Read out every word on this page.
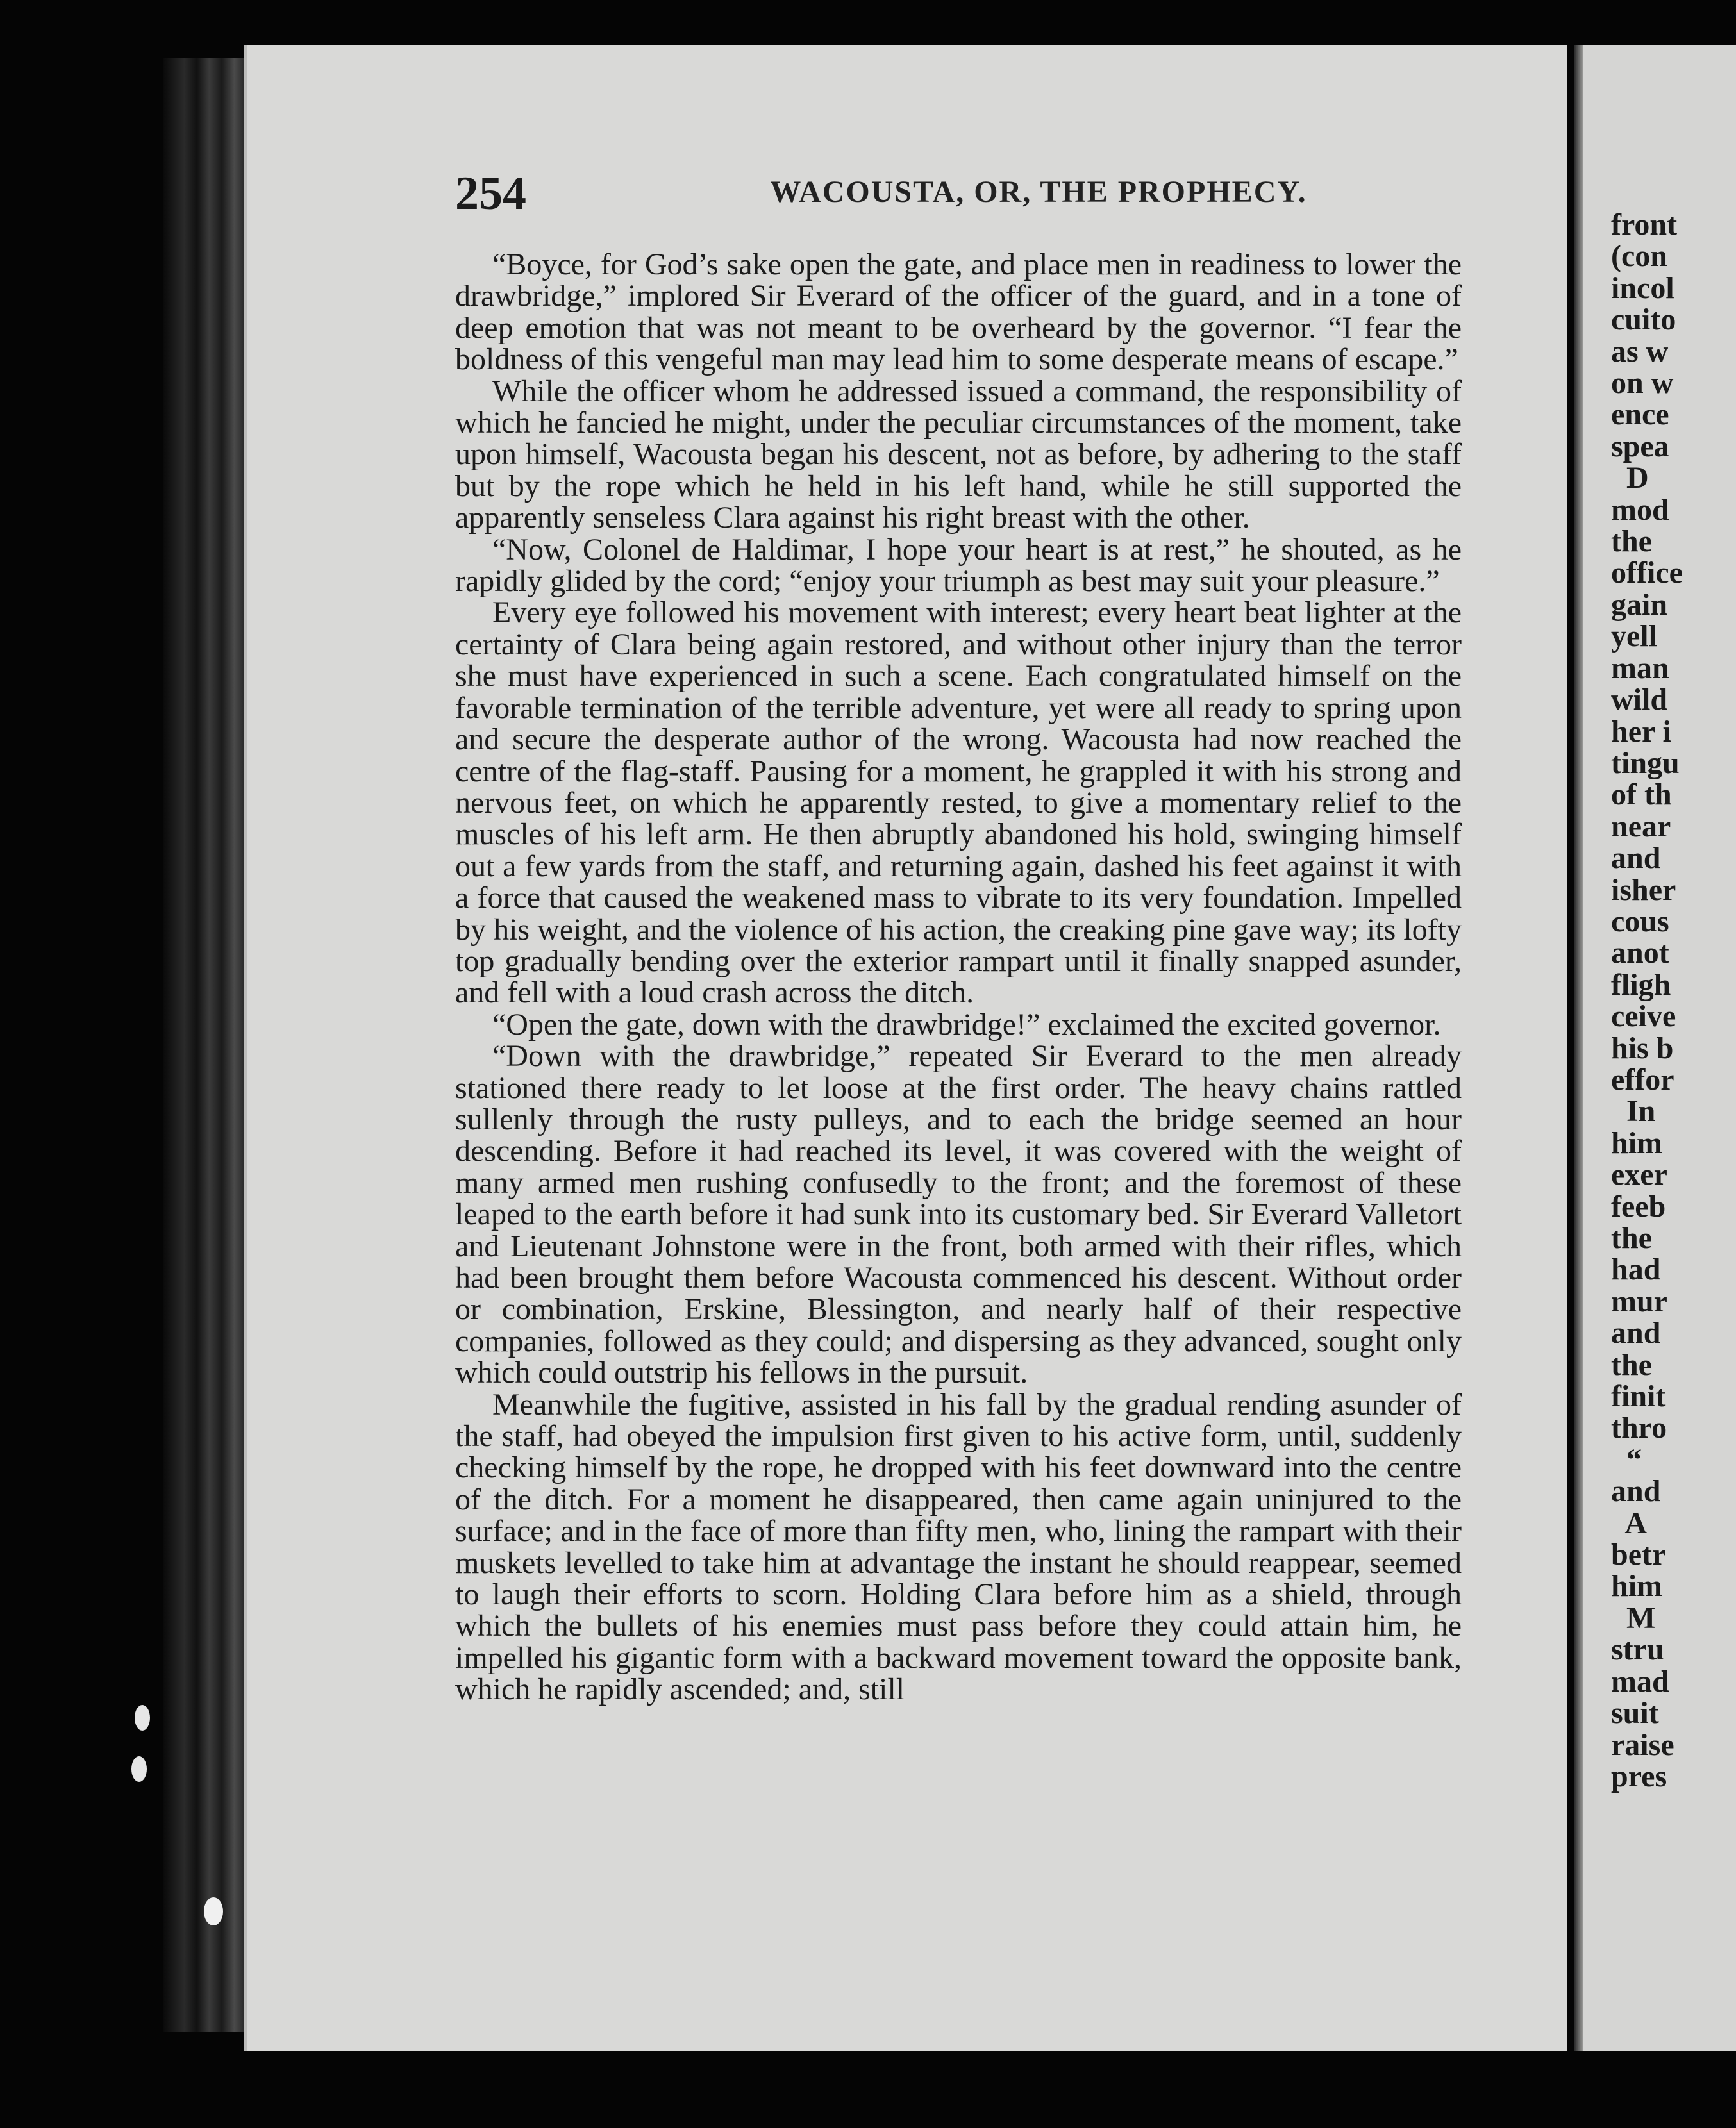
254	WACOUSTA, OR, THE PROPHECY.

“Boyce, for God’s sake open the gate, and place men in readiness to lower the drawbridge,” implored Sir Everard of the officer of the guard, and in a tone of deep emotion that was not meant to be overheard by the governor. “I fear the boldness of this vengeful man may lead him to some desperate means of escape.”

While the officer whom he addressed issued a command, the responsibility of which he fancied he might, under the peculiar circumstances of the moment, take upon himself, Wacousta began his descent, not as before, by adhering to the staff but by the rope which he held in his left hand, while he still supported the apparently senseless Clara against his right breast with the other.

“Now, Colonel de Haldimar, I hope your heart is at rest,” he shouted, as he rapidly glided by the cord; “enjoy your triumph as best may suit your pleasure.”

Every eye followed his movement with interest; every heart beat lighter at the certainty of Clara being again restored, and without other injury than the terror she must have experienced in such a scene. Each congratulated himself on the favorable termination of the terrible adventure, yet were all ready to spring upon and secure the desperate author of the wrong. Wacousta had now reached the centre of the flag-staff. Pausing for a moment, he grappled it with his strong and nervous feet, on which he apparently rested, to give a momentary relief to the muscles of his left arm. He then abruptly abandoned his hold, swinging himself out a few yards from the staff, and returning again, dashed his feet against it with a force that caused the weakened mass to vibrate to its very foundation. Impelled by his weight, and the violence of his action, the creaking pine gave way; its lofty top gradually bending over the exterior rampart until it finally snapped asunder, and fell with a loud crash across the ditch.

“Open the gate, down with the drawbridge!” exclaimed the excited governor.

“Down with the drawbridge,” repeated Sir Everard to the men already stationed there ready to let loose at the first order. The heavy chains rattled sullenly through the rusty pulleys, and to each the bridge seemed an hour descending. Before it had reached its level, it was covered with the weight of many armed men rushing confusedly to the front; and the foremost of these leaped to the earth before it had sunk into its customary bed. Sir Everard Valletort and Lieutenant Johnstone were in the front, both armed with their rifles, which had been brought them before Wacousta commenced his descent. Without order or combination, Erskine, Blessington, and nearly half of their respective companies, followed as they could; and dispersing as they advanced, sought only which could outstrip his fellows in the pursuit.

Meanwhile the fugitive, assisted in his fall by the gradual rending asunder of the staff, had obeyed the impulsion first given to his active form, until, suddenly checking himself by the rope, he dropped with his feet downward into the centre of the ditch. For a moment he disappeared, then came again uninjured to the surface; and in the face of more than fifty men, who, lining the rampart with their muskets levelled to take him at advantage the instant he should reappear, seemed to laugh their efforts to scorn. Holding Clara before him as a shield, through which the bullets of his enemies must pass before they could attain him, he impelled his gigantic form with a backward movement toward the opposite bank, which he rapidly ascended; and, still

front
(con
incol
cuito
as w
on w
ence
spea
D
mod
the
office
gain
yell
man
wild
her i
tingu
of th
near
and
isher
cous
anot
fligh
ceive
his b
effor
In
him
exer
feeb
the
had
mur
and
the
finit
thro
“
and
A
betr
him
M
stru
mad
suit
raise
pres
